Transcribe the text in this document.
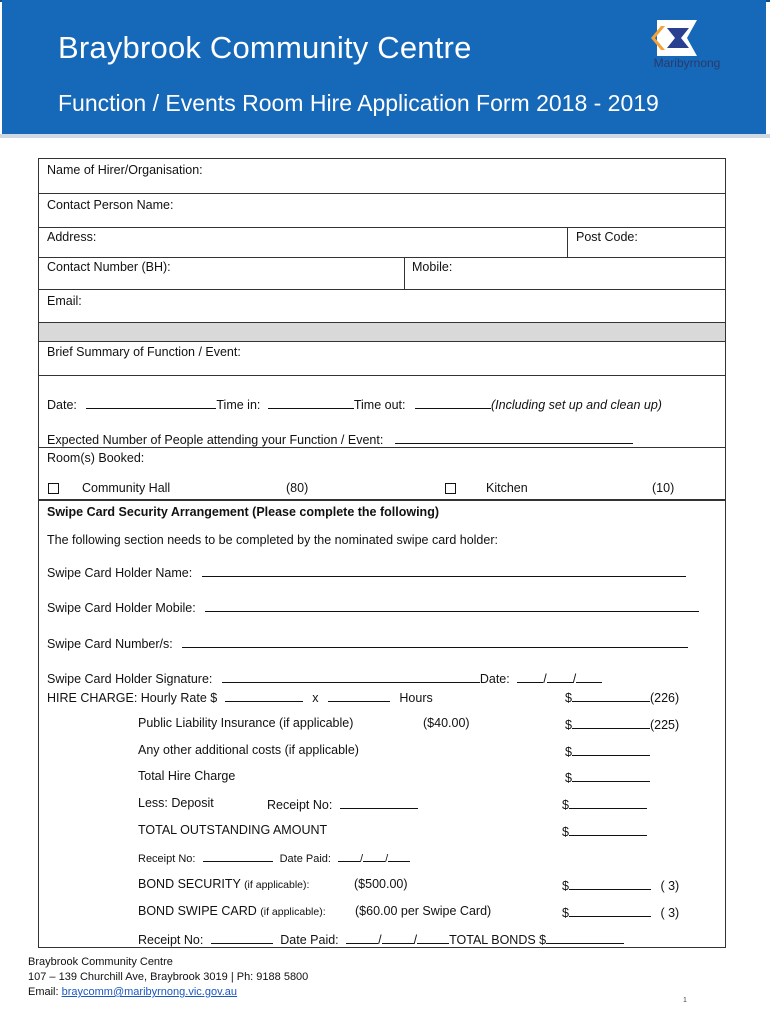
Braybrook Community Centre
Function / Events Room Hire Application Form 2018 - 2019
Maribyrnong
Name of Hirer/Organisation:
Contact Person Name:
Address:	Post Code:
Contact Number (BH):	Mobile:
Email:
Brief Summary of Function / Event:
Date:	Time in:	Time out:	(Including set up and clean up)
Expected Number of People attending your Function / Event:
Room(s) Booked:
Community Hall	(80)	Kitchen	(10)
Swipe Card Security Arrangement (Please complete the following)
The following section needs to be completed by the nominated swipe card holder:
Swipe Card Holder Name:
Swipe Card Holder Mobile:
Swipe Card Number/s:
Swipe Card Holder Signature:	Date:	/ /
HIRE CHARGE: Hourly Rate $	x	Hours	$	(226)
Public Liability Insurance (if applicable)	($40.00)	$	(225)
Any other additional costs (if applicable)	$
Total Hire Charge	$
Less: Deposit	Receipt No:	$
TOTAL OUTSTANDING AMOUNT	$
Receipt No:	Date Paid:	/ /
BOND SECURITY (if applicable):	($500.00)	$	( 3)
BOND SWIPE CARD (if applicable): ($60.00 per Swipe Card)	$	( 3)
Receipt No:	Date Paid:	/	/	TOTAL BONDS $
Braybrook Community Centre
107 – 139 Churchill Ave, Braybrook 3019 | Ph: 9188 5800
Email: braycomm@maribyrnong.vic.gov.au
1
